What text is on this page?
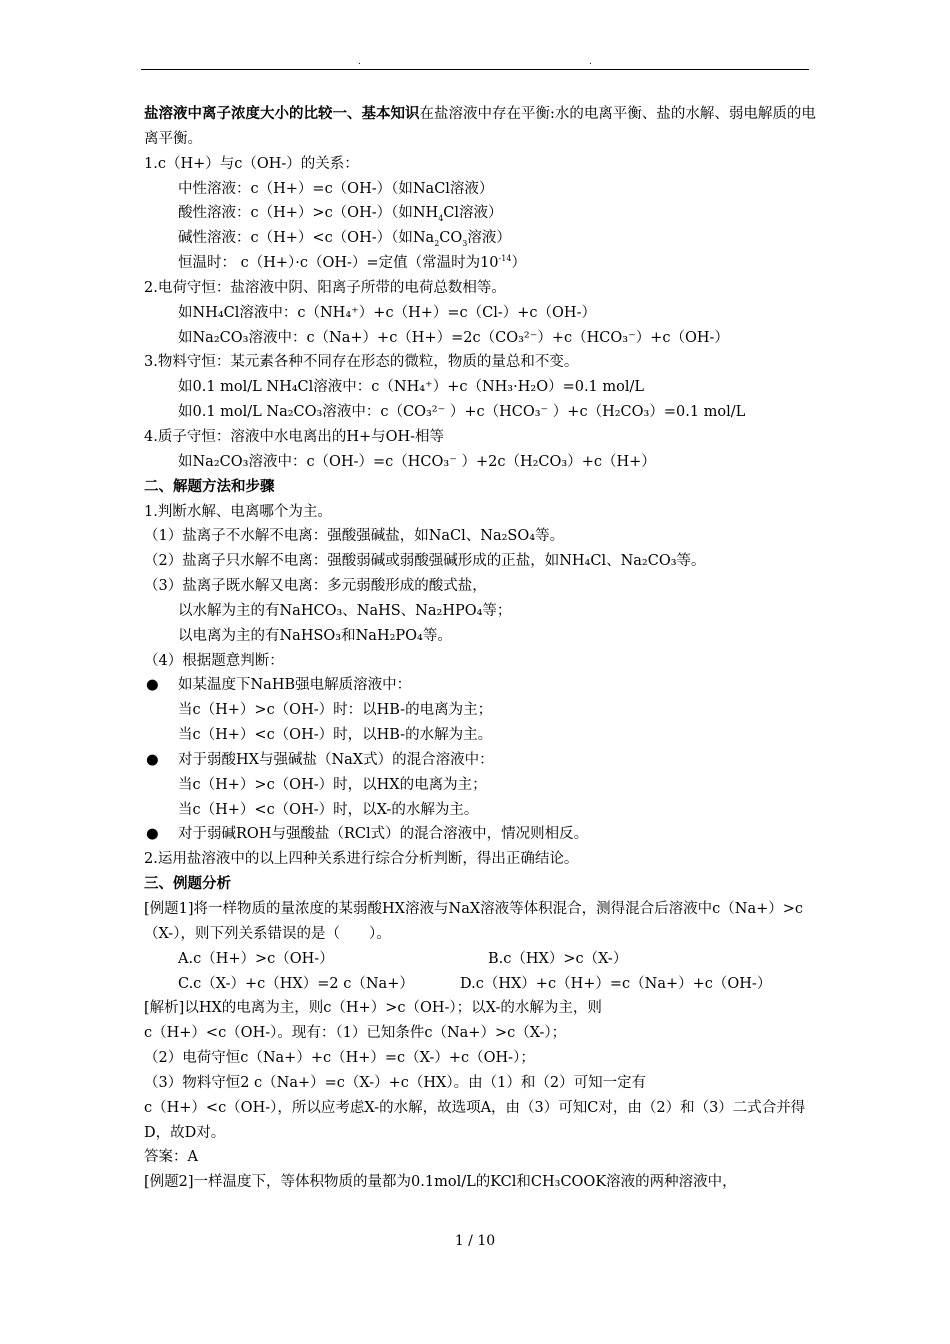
.	.

盐溶液中离子浓度大小的比较一、基本知识在盐溶液中存在平衡:水的电离平衡、盐的水解、弱电解质的电离平衡。

1.c（H+）与c（OH-）的关系：

中性溶液：c（H+）=c（OH-）（如NaCl溶液）

酸性溶液：c（H+）>c（OH-）（如$NH_4Cl$溶液）

碱性溶液：c（H+）<c（OH-）（如$Na_2CO_3$溶液）

恒温时： c（H+）·c（OH-）=定值（常温时为$10^{-14}$）

2.电荷守恒：盐溶液中阴、阳离子所带的电荷总数相等。

如NH₄Cl溶液中：c（NH₄⁺）+c（H+）=c（Cl-）+c（OH-）

如Na₂CO₃溶液中：c（Na+）+c（H+）=2c（CO₃²⁻）+c（HCO₃⁻）+c（OH-）

3.物料守恒：某元素各种不同存在形态的微粒，物质的量总和不变。

如0.1 mol/L NH₄Cl溶液中：c（NH₄⁺）+c（NH₃·H₂O）=0.1 mol/L

如0.1 mol/L Na₂CO₃溶液中：c（CO₃²⁻ ）+c（HCO₃⁻ ）+c（H₂CO₃）=0.1 mol/L

4.质子守恒：溶液中水电离出的H+与OH-相等

如Na₂CO₃溶液中：c（OH-）=c（HCO₃⁻ ）+2c（H₂CO₃）+c（H+）

二、解题方法和步骤

1.判断水解、电离哪个为主。

（1）盐离子不水解不电离：强酸强碱盐，如NaCl、Na₂SO₄等。

（2）盐离子只水解不电离：强酸弱碱或弱酸强碱形成的正盐，如NH₄Cl、Na₂CO₃等。

（3）盐离子既水解又电离：多元弱酸形成的酸式盐，

以水解为主的有NaHCO₃、NaHS、Na₂HPO₄等；

以电离为主的有NaHSO₃和NaH₂PO₄等。

（4）根据题意判断：

● 如某温度下NaHB强电解质溶液中：

当c（H+）>c（OH-）时：以HB-的电离为主；

当c（H+）<c（OH-）时，以HB-的水解为主。

● 对于弱酸HX与强碱盐（NaX式）的混合溶液中：

当c（H+）>c（OH-）时，以HX的电离为主；

当c（H+）<c（OH-）时，以X-的水解为主。

● 对于弱碱ROH与强酸盐（RCl式）的混合溶液中，情况则相反。

2.运用盐溶液中的以上四种关系进行综合分析判断，得出正确结论。

三、例题分析

[例题1]将一样物质的量浓度的某弱酸HX溶液与NaX溶液等体积混合，测得混合后溶液中c（Na+）>c（X-），则下列关系错误的是（　　）。

A.c（H+）>c（OH-）	B.c（HX）>c（X-）

C.c（X-）+c（HX）=2 c（Na+）	D.c（HX）+c（H+）=c（Na+）+c（OH-）

[解析]以HX的电离为主，则c（H+）>c（OH-）；以X-的水解为主，则

c（H+）<c（OH-）。现有：（1）已知条件c（Na+）>c（X-）；

（2）电荷守恒c（Na+）+c（H+）=c（X-）+c（OH-）；

（3）物料守恒2 c（Na+）=c（X-）+c（HX）。由（1）和（2）可知一定有

c（H+）<c（OH-），所以应考虑X-的水解，故选项A，由（3）可知C对，由（2）和（3）二式合并得D，故D对。

答案：A

[例题2]一样温度下，等体积物质的量都为0.1mol/L的KCl和CH₃COOK溶液的两种溶液中，

1 / 10
